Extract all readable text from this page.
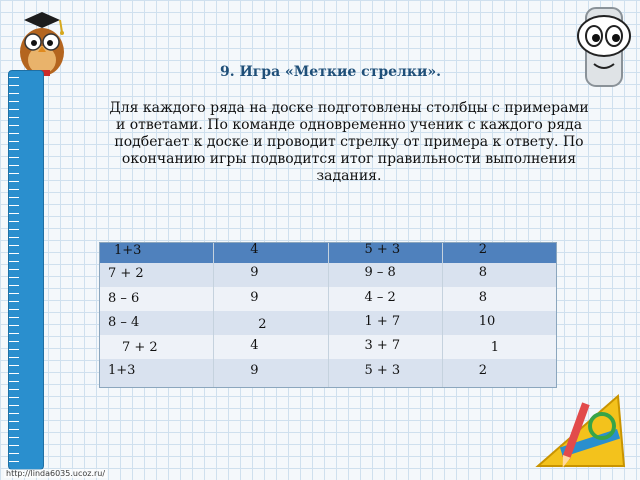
9. Игра «Меткие стрелки».

Для каждого ряда на доске подготовлены столбцы с примерами и ответами. По команде одновременно ученик с каждого ряда подбегает к доске и проводит стрелку от примера к ответу. По окончанию игры подводится итог правильности выполнения задания.

1+3
7 + 2
8 – 6
8 – 4
7 + 2
1+3
4
9
9
2
4
9
5 + 3
9 – 8
4 – 2
1 + 7
3 + 7
5 + 3
2
8
8
10
1
2
http://linda6035.ucoz.ru/
